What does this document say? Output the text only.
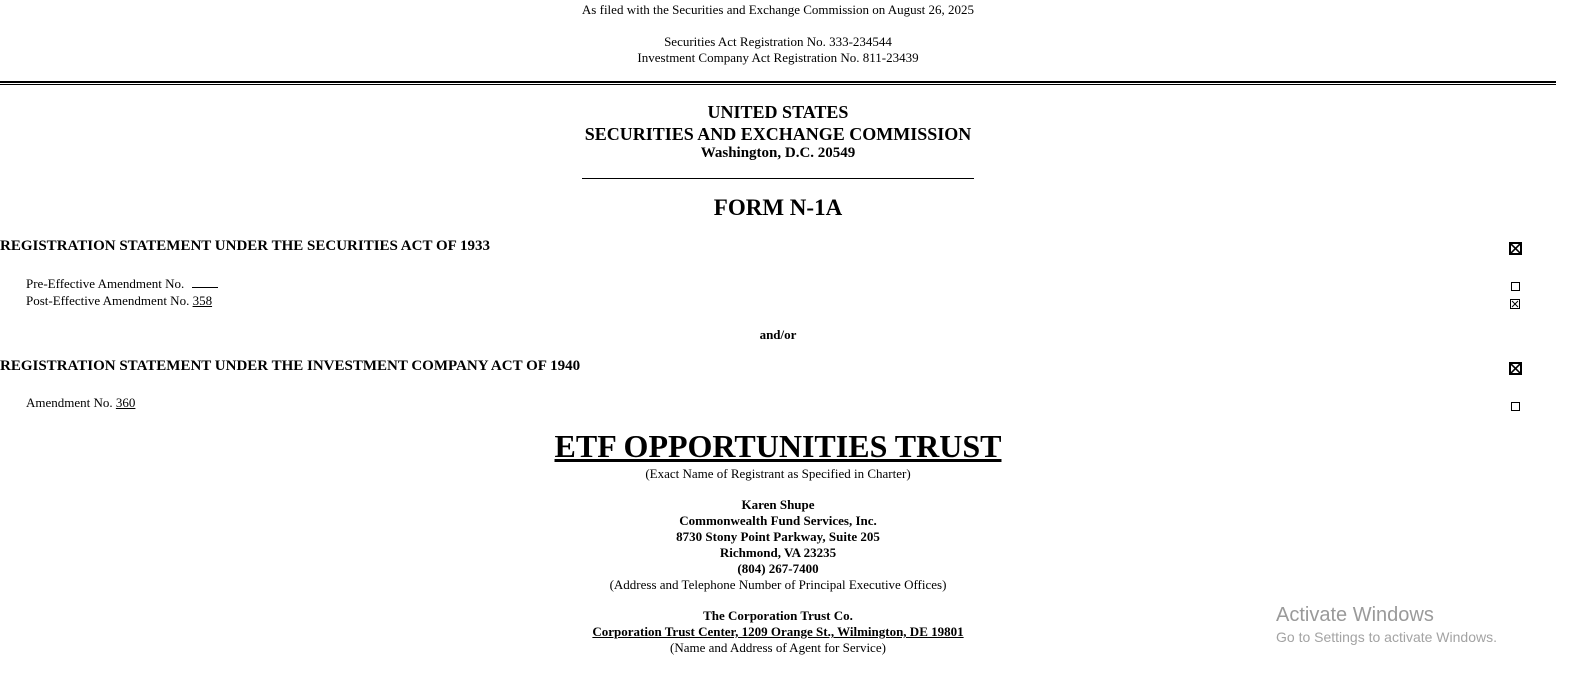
As filed with the Securities and Exchange Commission on August 26, 2025
Securities Act Registration No. 333-234544
Investment Company Act Registration No. 811-23439
UNITED STATES
SECURITIES AND EXCHANGE COMMISSION
Washington, D.C. 20549
FORM N-1A
REGISTRATION STATEMENT UNDER THE SECURITIES ACT OF 1933
Pre-Effective Amendment No.
Post-Effective Amendment No. 358
and/or
REGISTRATION STATEMENT UNDER THE INVESTMENT COMPANY ACT OF 1940
Amendment No. 360
ETF OPPORTUNITIES TRUST
(Exact Name of Registrant as Specified in Charter)
Karen Shupe
Commonwealth Fund Services, Inc.
8730 Stony Point Parkway, Suite 205
Richmond, VA 23235
(804) 267-7400
(Address and Telephone Number of Principal Executive Offices)
The Corporation Trust Co.
Corporation Trust Center, 1209 Orange St., Wilmington, DE 19801
(Name and Address of Agent for Service)
Activate Windows
Go to Settings to activate Windows.
